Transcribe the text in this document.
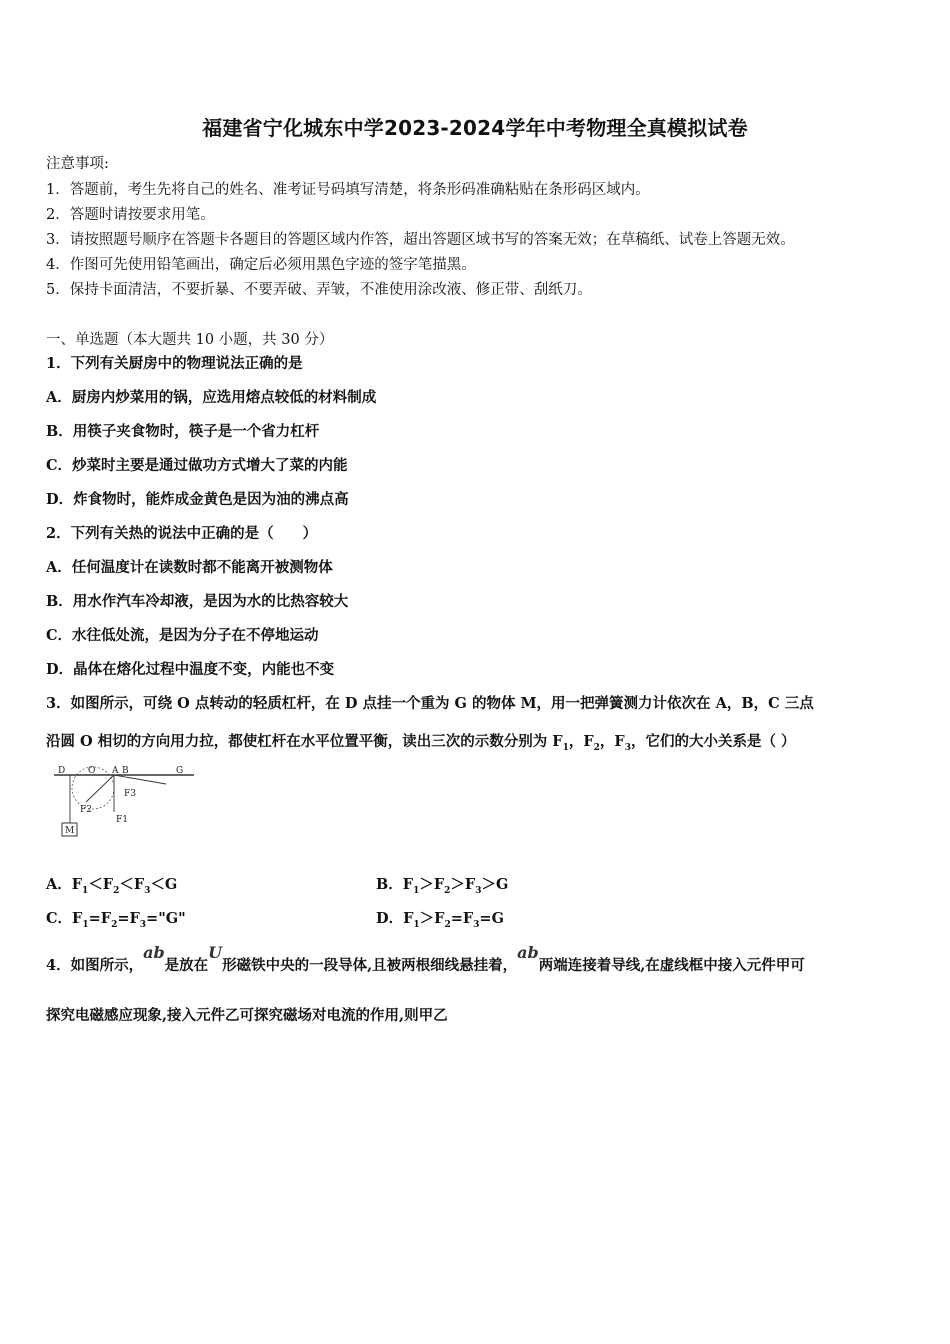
福建省宁化城东中学2023-2024学年中考物理全真模拟试卷
注意事项:
1．答题前，考生先将自己的姓名、准考证号码填写清楚，将条形码准确粘贴在条形码区域内。
2．答题时请按要求用笔。
3．请按照题号顺序在答题卡各题目的答题区域内作答，超出答题区域书写的答案无效；在草稿纸、试卷上答题无效。
4．作图可先使用铅笔画出，确定后必须用黑色字迹的签字笔描黑。
5．保持卡面清洁，不要折暴、不要弄破、弄皱，不准使用涂改液、修正带、刮纸刀。
一、单选题（本大题共 10 小题，共 30 分）
1．下列有关厨房中的物理说法正确的是
A．厨房内炒菜用的锅，应选用熔点较低的材料制成
B．用筷子夹食物时，筷子是一个省力杠杆
C．炒菜时主要是通过做功方式增大了菜的内能
D．炸食物时，能炸成金黄色是因为油的沸点高
2．下列有关热的说法中正确的是（　　）
A．任何温度计在读数时都不能离开被测物体
B．用水作汽车冷却液，是因为水的比热容较大
C．水往低处流，是因为分子在不停地运动
D．晶体在熔化过程中温度不变，内能也不变
3．如图所示，可绕 O 点转动的轻质杠杆，在 D 点挂一个重为 G 的物体 M，用一把弹簧测力计依次在 A，B，C 三点
沿圆 O 相切的方向用力拉，都使杠杆在水平位置平衡，读出三次的示数分别为 $F_1$，$F_2$，$F_3$，它们的大小关系是（ ）
D	O A B	G
F1
F2
F3
M
A．$F_1<F_2<F_3<G$	B．$F_1>F_2>F_3>G$
C．$F_1=F_2=F_3="G$"	D．$F_1>F_2=F_3=G$
4．如图所示，ab是放在U形磁铁中央的一段导体,且被两根细线悬挂着，ab两端连接着导线,在虚线框中接入元件甲可
探究电磁感应现象,接入元件乙可探究磁场对电流的作用,则甲乙
